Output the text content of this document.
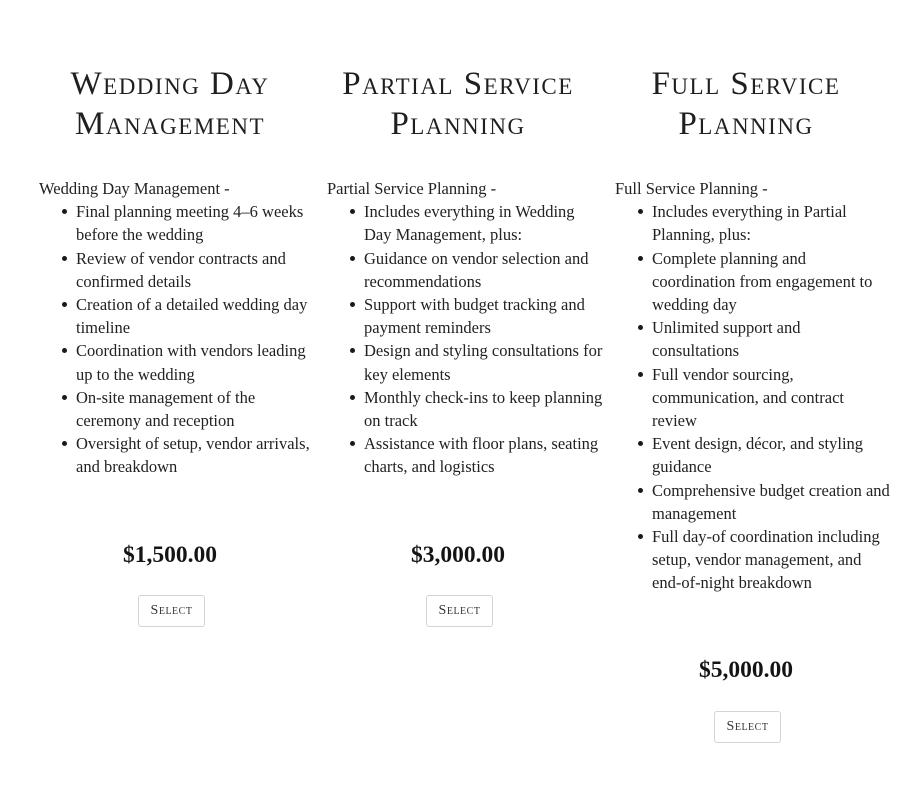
Wedding Day
Management

Wedding Day Management -

Final planning meeting 4–6 weeks before the wedding
Review of vendor contracts and confirmed details
Creation of a detailed wedding day timeline
Coordination with vendors leading up to the wedding
On-site management of the ceremony and reception
Oversight of setup, vendor arrivals, and breakdown

$1,500.00

Select
Partial Service
Planning

Partial Service Planning -

Includes everything in Wedding Day Management, plus:
Guidance on vendor selection and recommendations
Support with budget tracking and payment reminders
Design and styling consultations for key elements
Monthly check-ins to keep planning on track
Assistance with floor plans, seating charts, and logistics

$3,000.00

Select
Full Service
Planning

Full Service Planning -

Includes everything in Partial Planning, plus:
Complete planning and coordination from engagement to wedding day
Unlimited support and consultations
Full vendor sourcing, communication, and contract review
Event design, décor, and styling guidance
Comprehensive budget creation and management
Full day-of coordination including setup, vendor management, and end-of-night breakdown

$5,000.00

Select
